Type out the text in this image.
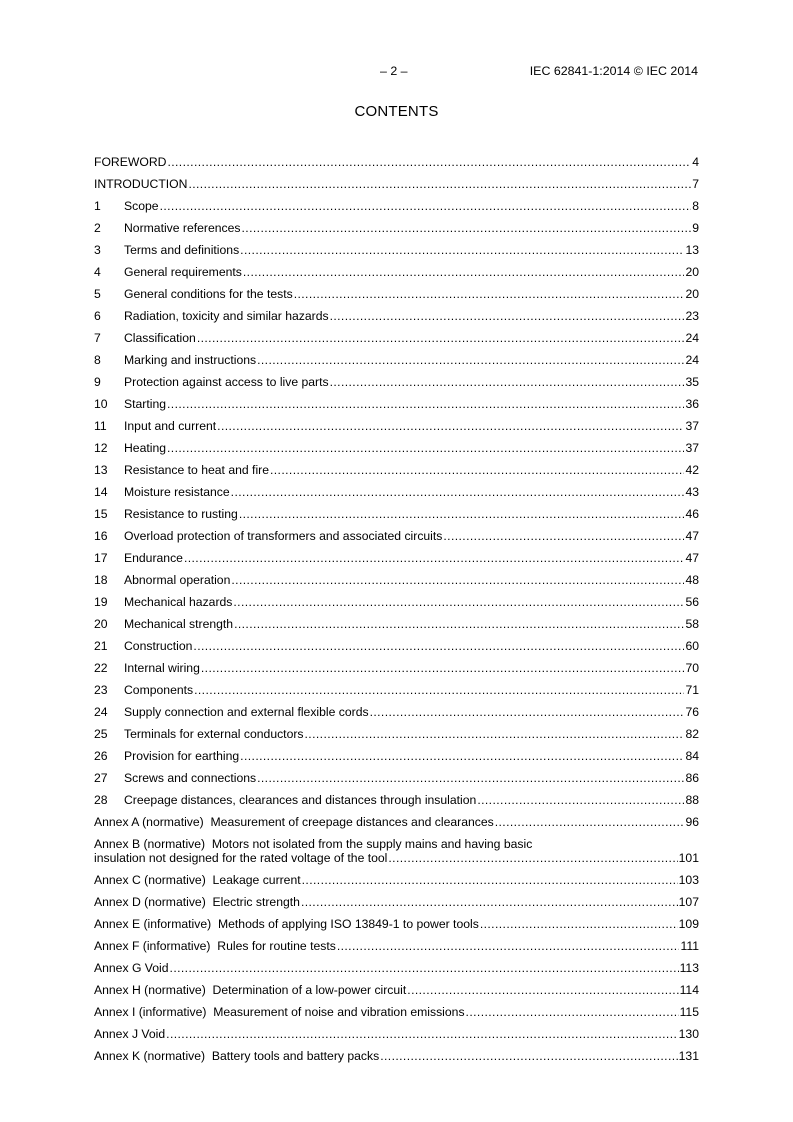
– 2 –	IEC 62841-1:2014 © IEC 2014
CONTENTS
FOREWORD .....	4
INTRODUCTION .....	7
1	Scope .....	8
2	Normative references .....	9
3	Terms and definitions .....	13
4	General requirements .....	20
5	General conditions for the tests .....	20
6	Radiation, toxicity and similar hazards .....	23
7	Classification .....	24
8	Marking and instructions .....	24
9	Protection against access to live parts .....	35
10	Starting .....	36
11	Input and current .....	37
12	Heating .....	37
13	Resistance to heat and fire .....	42
14	Moisture resistance .....	43
15	Resistance to rusting .....	46
16	Overload protection of transformers and associated circuits .....	47
17	Endurance .....	47
18	Abnormal operation .....	48
19	Mechanical hazards .....	56
20	Mechanical strength .....	58
21	Construction .....	60
22	Internal wiring .....	70
23	Components .....	71
24	Supply connection and external flexible cords .....	76
25	Terminals for external conductors .....	82
26	Provision for earthing .....	84
27	Screws and connections .....	86
28	Creepage distances, clearances and distances through insulation .....	88
Annex A (normative) Measurement of creepage distances and clearances .....	96
Annex B (normative) Motors not isolated from the supply mains and having basic
insulation not designed for the rated voltage of the tool .....	101
Annex C (normative) Leakage current .....	103
Annex D (normative) Electric strength .....	107
Annex E (informative) Methods of applying ISO 13849-1 to power tools .....	109
Annex F (informative) Rules for routine tests .....	111
Annex G Void .....	113
Annex H (normative) Determination of a low-power circuit .....	114
Annex I (informative) Measurement of noise and vibration emissions .....	115
Annex J Void .....	130
Annex K (normative) Battery tools and battery packs .....	131
